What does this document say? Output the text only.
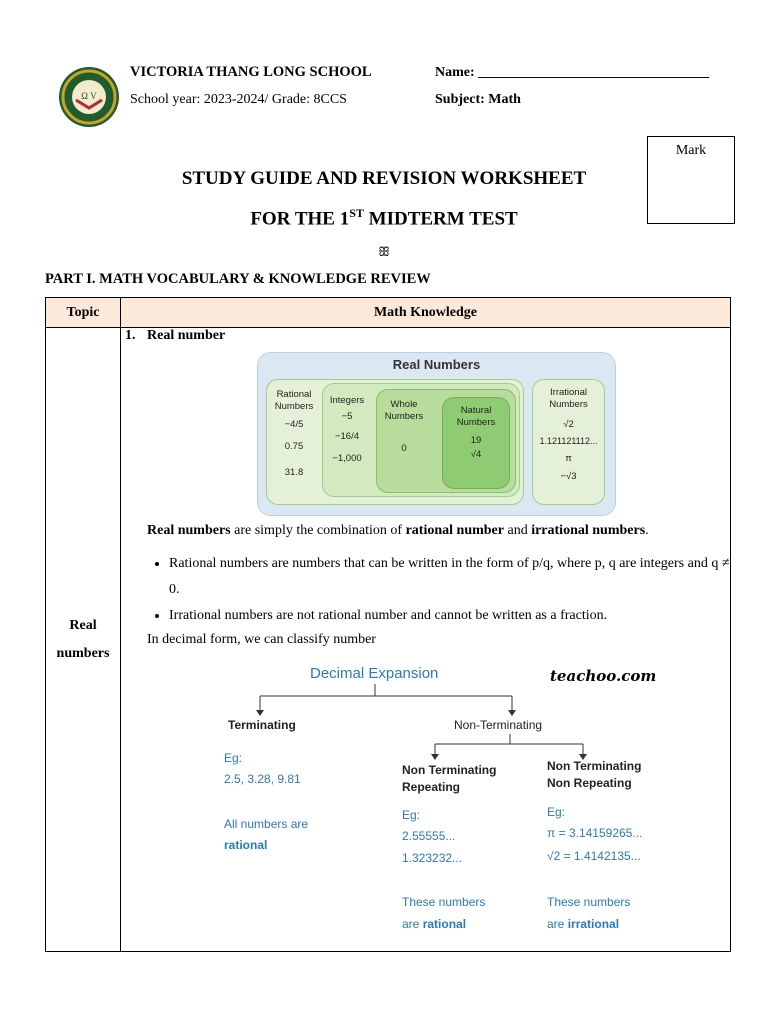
Ω V
VICTORIA THANG LONG SCHOOL
School year: 2023-2024/ Grade: 8CCS
Name: _________________________________
Subject: Math
Mark
STUDY GUIDE AND REVISION WORKSHEET
FOR THE 1ST MIDTERM TEST
ꕥ
PART I. MATH VOCABULARY & KNOWLEDGE REVIEW
Topic	Math Knowledge

Real
numbers	

1. Real number
Real Numbers
Rational Numbers
−4/5
0.75
31.8
Integers
−5
−16/4
−1,000
Whole Numbers
0
Natural Numbers
19
√4
Irrational Numbers
√2
1.121121112...
π
−√3
Real numbers are simply the combination of rational number and irrational numbers.
• Rational numbers are numbers that can be written in the form of p/q, where p, q are integers and q ≠ 0.
• Irrational numbers are not rational number and cannot be written as a fraction.
In decimal form, we can classify number
Decimal Expansion	teachoo.com
Terminating	Non-Terminating
Eg:
2.5, 3.28, 9.81
All numbers are
rational
Non Terminating
Repeating
Eg:
2.55555...
1.323232...
These numbers
are rational
Non Terminating
Non Repeating
Eg:
π = 3.14159265...
√2 = 1.4142135...
These numbers
are irrational
